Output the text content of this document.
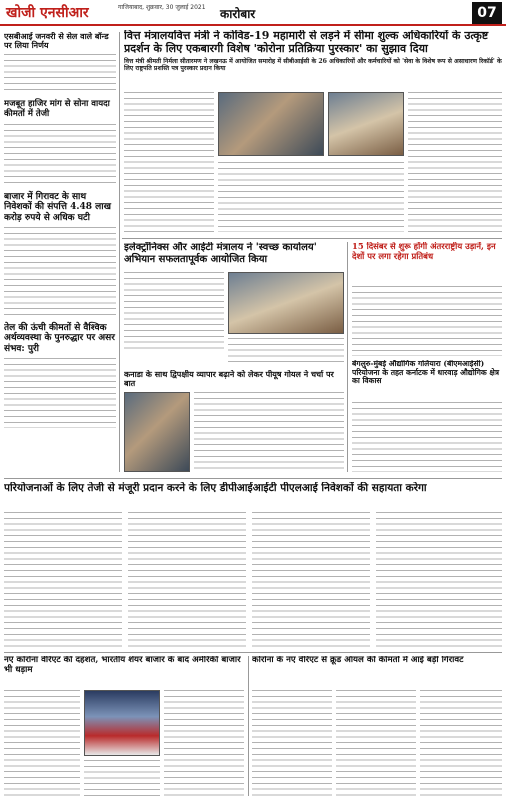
खोजी एनसीआर	गाजियाबाद, शुक्रवार, 30 जुलाई 2021 कारोबार	07
एसबीआई जनवरी से सेल वाले बॉन्ड पर लिया निर्णय
मजबूत हाजिर मांग से सोना वायदा कीमतों में तेजी
बाजार में गिरावट के साथ निवेशकों की संपत्ति 4.48 लाख करोड़ रुपये से अधिक घटी
तेल की ऊंची कीमतों से वैश्विक अर्थव्यवस्था के पुनरुद्धार पर असर संभव: पुरी
वित्त मंत्रालयवित्त मंत्री ने कोविड-19 महामारी से लड़ने में सीमा शुल्क अधिकारियों के उत्कृष्ट प्रदर्शन के लिए एकबारगी विशेष 'कोरोना प्रतिक्रिया पुरस्कार' का सुझाव दिया
वित्त मंत्री श्रीमती निर्मला सीतारमण ने लखनऊ में आयोजित समारोह में सीबीआईसी के 26 अधिकारियों और कर्मचारियों को 'सेवा के विशेष रूप से असाधारण रिकॉर्ड' के लिए राष्ट्रपति प्रशस्ति पत्र पुरस्कार प्रदान किया
इलेक्ट्रॉनिक्स और आईटी मंत्रालय ने 'स्वच्छ कार्यालय' अभियान सफलतापूर्वक आयोजित किया
कनाडा के साथ द्विपक्षीय व्यापार बढ़ाने को लेकर पीयूष गोयल ने चर्चा पर बात
15 दिसंबर से शुरू होंगी अंतरराष्ट्रीय उड़ानें, इन देशों पर लगा रहेगा प्रतिबंध
बेंगलुरु-मुंबई औद्योगिक गलियारा (बीएमआईसी) परियोजना के तहत कर्नाटक में धारवाड़ औद्योगिक क्षेत्र का विकास
परियोजनाओं के लिए तेजी से मंजूरी प्रदान करने के लिए डीपीआईआईटी पीएलआई निवेशकों की सहायता करेगा
नए कोरोना वेरिएंट की दहशत, भारतीय शेयर बाजार के बाद अमेरिकी बाजार भी धड़ाम
कोरोना के नए वेरिएंट से क्रूड ऑयल की कीमतों में आई बड़ी गिरावट
